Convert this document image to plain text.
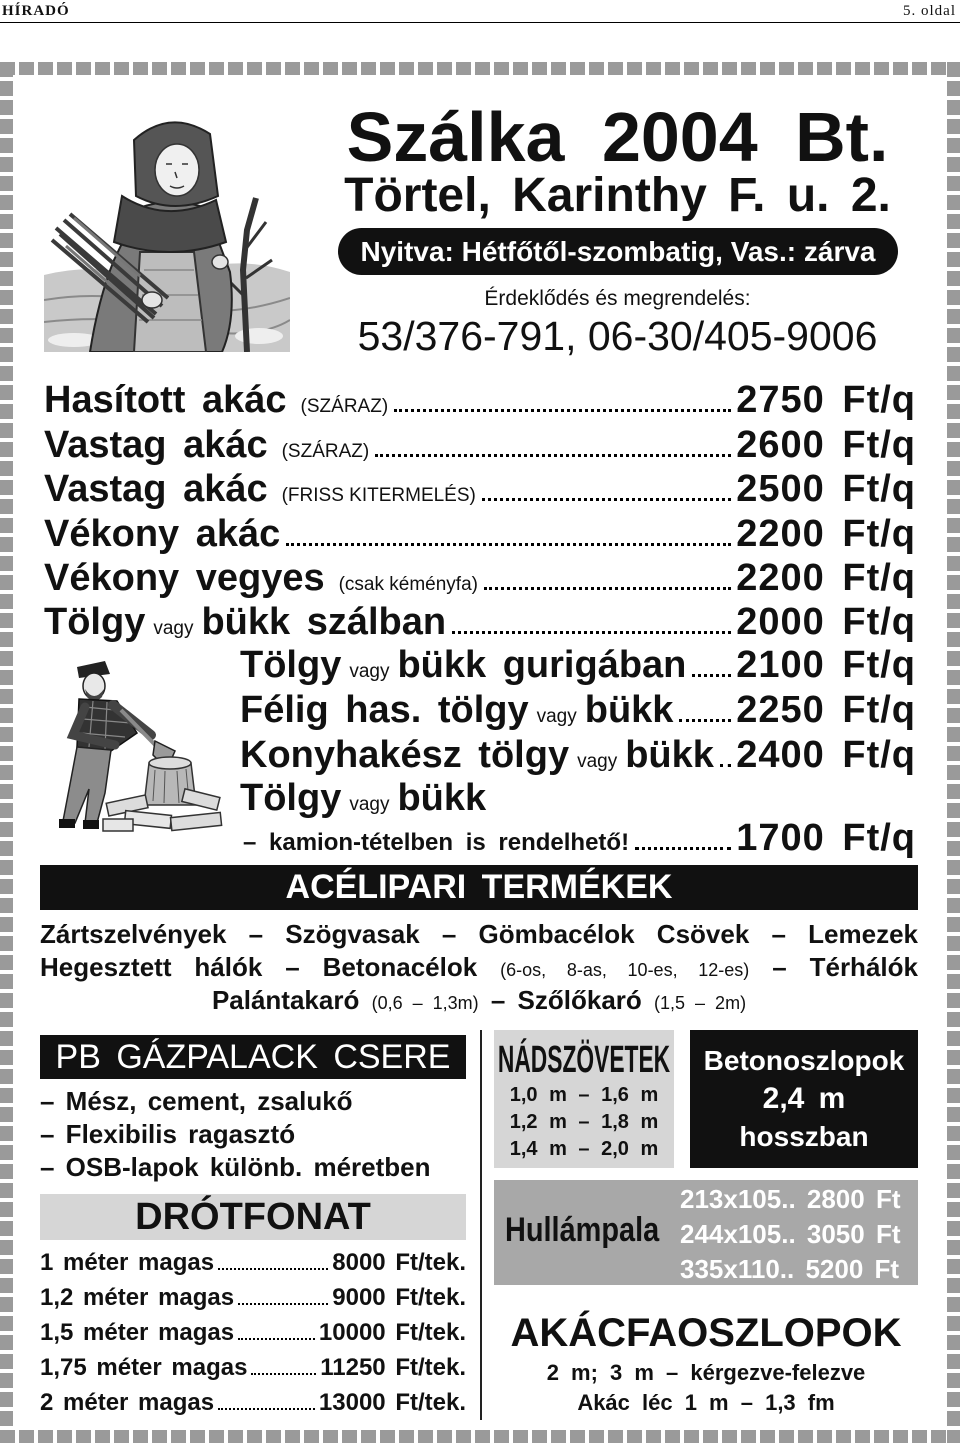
HÍRADÓ	5. oldal
Szálka 2004 Bt.
Törtel, Karinthy F. u. 2.
Nyitva: Hétfőtől-szombatig, Vas.: zárva
Érdeklődés és megrendelés:
53/376-791, 06-30/405-9006
Hasított akác (SZÁRAZ)	2750 Ft/q
Vastag akác (SZÁRAZ)	2600 Ft/q
Vastag akác (FRISS KITERMELÉS)	2500 Ft/q
Vékony akác	2200 Ft/q
Vékony vegyes (csak kéményfa)	2200 Ft/q
Tölgy vagy bükk szálban	2000 Ft/q
Tölgy vagy bükk gurigában 2100 Ft/q
Félig has. tölgy vagy bükk 2250 Ft/q
Konyhakész tölgy vagy bükk 2400 Ft/q
Tölgy vagy bükk
– kamion-tételben is rendelhető!	1700 Ft/q
ACÉLIPARI TERMÉKEK
Zártszelvények – Szögvasak – Gömbacélok Csövek – Lemezek
Hegesztett hálók – Betonacélok (6-os, 8-as, 10-es, 12-es) – Térhálók
Palántakaró (0,6 – 1,3m) – Szőlőkaró (1,5 – 2m)
PB GÁZPALACK CSERE
– Mész, cement, zsalukő
– Flexibilis ragasztó
– OSB-lapok különb. méretben
DRÓTFONAT
1 méter magas	8000 Ft/tek.
1,2 méter magas	9000 Ft/tek.
1,5 méter magas	10000 Ft/tek.
1,75 méter magas	11250 Ft/tek.
2 méter magas	13000 Ft/tek.
NÁDSZÖVETEK
1,0 m – 1,6 m
1,2 m – 1,8 m
1,4 m – 2,0 m
Betonoszlopok
2,4 m
hosszban
Hullámpala
213x105.. 2800 Ft
244x105.. 3050 Ft
335x110.. 5200 Ft
AKÁCFAOSZLOPOK
2 m; 3 m – kérgezve-felezve
Akác léc 1 m – 1,3 fm
